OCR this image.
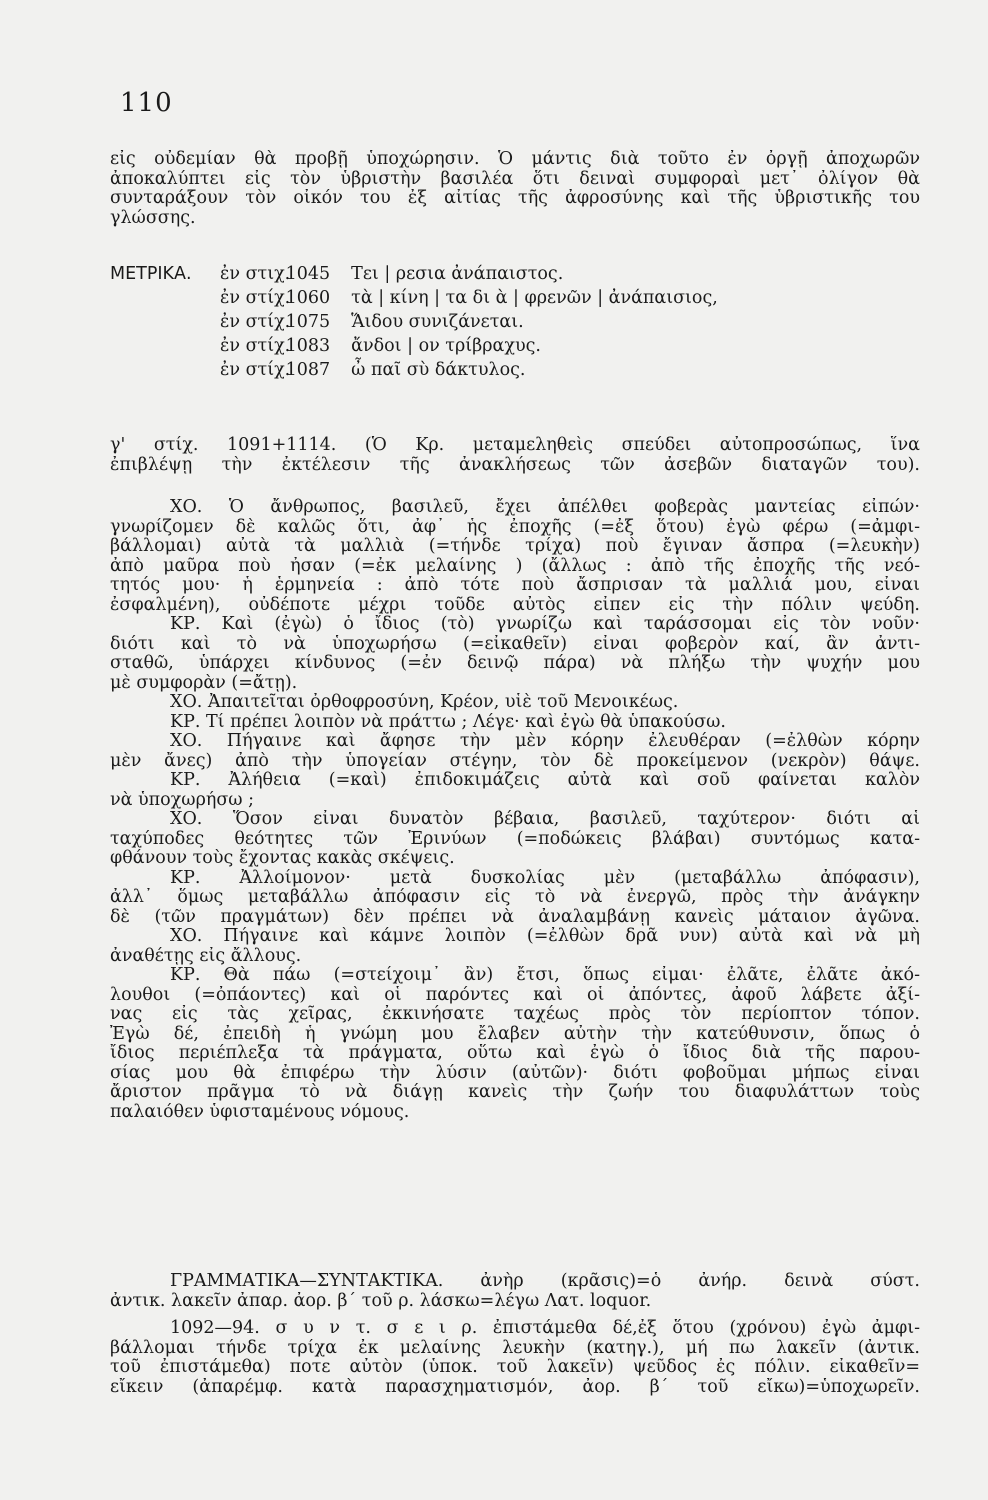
110
εἰς οὐδεμίαν θὰ προβῇ ὑποχώρησιν. Ὁ μάντις διὰ τοῦτο ἐν ὀργῇ ἀποχωρῶν
ἀποκαλύπτει εἰς τὸν ὑβριστὴν βασιλέα ὅτι δειναὶ συμφοραὶ μετ᾽ ὀλίγον θὰ
συνταράξουν τὸν οἰκόν του ἐξ αἰτίας τῆς ἀφροσύνης καὶ τῆς ὑβριστικῆς του
γλώσσης.
ΜΕΤΡΙΚΑ. ἐν στιχ. 1045 Τει | ρεσια ἀνάπαιστος.
ἐν στίχ. 1060 τὰ | κίνη | τα δι ὰ | φρενῶν | ἀνάπαισιος,
ἐν στίχ. 1075 Ἅιδου συνιζάνεται.
ἐν στίχ. 1083 ἄνδοι | ον τρίβραχυς.
ἐν στίχ. 1087 ὦ παῖ σὺ δάκτυλος.
γ' στίχ. 1091+1114. (Ὁ Κρ. μεταμεληθεὶς σπεύδει αὐτοπροσώπως, ἵνα
ἐπιβλέψῃ τὴν ἐκτέλεσιν τῆς ἀνακλήσεως τῶν ἀσεβῶν διαταγῶν του).
ΧΟ. Ὁ ἄνθρωπος, βασιλεῦ, ἔχει ἀπέλθει φοβερὰς μαντείας εἰπών·
γνωρίζομεν δὲ καλῶς ὅτι, ἀφ᾽ ἧς ἐποχῆς (=ἐξ ὅτου) ἐγὼ φέρω (=ἀμφι-
βάλλομαι) αὐτὰ τὰ μαλλιὰ (=τήνδε τρίχα) ποὺ ἔγιναν ἄσπρα (=λευκὴν)
ἀπὸ μαῦρα ποὺ ἦσαν (=ἐκ μελαίνης ) (ἄλλως : ἀπὸ τῆς ἐποχῆς τῆς νεό-
τητός μου· ἡ ἑρμηνεία : ἀπὸ τότε ποὺ ἄσπρισαν τὰ μαλλιά μου, εἶναι
ἐσφαλμένη), οὐδέποτε μέχρι τοῦδε αὐτὸς εἶπεν εἰς τὴν πόλιν ψεύδη.
ΚΡ. Καὶ (ἐγὼ) ὁ ἴδιος (τὸ) γνωρίζω καὶ ταράσσομαι εἰς τὸν νοῦν·
διότι καὶ τὸ νὰ ὑποχωρήσω (=εἰκαθεῖν) εἶναι φοβερὸν καί, ἂν ἀντι-
σταθῶ, ὑπάρχει κίνδυνος (=ἐν δεινῷ πάρα) νὰ πλήξω τὴν ψυχήν μου
μὲ συμφορὰν (=ἄτῃ).
ΧΟ. Ἀπαιτεῖται ὀρθοφροσύνη, Κρέον, υἱὲ τοῦ Μενοικέως.
ΚΡ. Τί πρέπει λοιπὸν νὰ πράττω ; Λέγε· καὶ ἐγὼ θὰ ὑπακούσω.
ΧΟ. Πήγαινε καὶ ἄφησε τὴν μὲν κόρην ἐλευθέραν (=ἐλθὼν κόρην
μὲν ἄνες) ἀπὸ τὴν ὑπογείαν στέγην, τὸν δὲ προκείμενον (νεκρὸν) θάψε.
ΚΡ. Ἀλήθεια (=καὶ) ἐπιδοκιμάζεις αὐτὰ καὶ σοῦ φαίνεται καλὸν
νὰ ὑποχωρήσω ;
ΧΟ. Ὅσον εἶναι δυνατὸν βέβαια, βασιλεῦ, ταχύτερον· διότι αἱ
ταχύποδες θεότητες τῶν Ἐρινύων (=ποδώκεις βλάβαι) συντόμως κατα-
φθάνουν τοὺς ἔχοντας κακὰς σκέψεις.
ΚΡ. Ἀλλοίμονον· μετὰ δυσκολίας μὲν (μεταβάλλω ἀπόφασιν),
ἀλλ᾽ ὅμως μεταβάλλω ἀπόφασιν εἰς τὸ νὰ ἐνεργῶ, πρὸς τὴν ἀνάγκην
δὲ (τῶν πραγμάτων) δὲν πρέπει νὰ ἀναλαμβάνῃ κανεὶς μάταιον ἀγῶνα.
ΧΟ. Πήγαινε καὶ κάμνε λοιπὸν (=ἐλθὼν δρᾶ νυν) αὐτὰ καὶ νὰ μὴ
ἀναθέτῃς εἰς ἄλλους.
ΚΡ. Θὰ πάω (=στείχοιμ᾽ ἂν) ἔτσι, ὅπως εἶμαι· ἐλᾶτε, ἐλᾶτε ἀκό-
λουθοι (=ὀπάοντες) καὶ οἱ παρόντες καὶ οἱ ἀπόντες, ἀφοῦ λάβετε ἀξί-
νας εἰς τὰς χεῖρας, ἐκκινήσατε ταχέως πρὸς τὸν περίοπτον τόπον.
Ἐγὼ δέ, ἐπειδὴ ἡ γνώμη μου ἔλαβεν αὐτὴν τὴν κατεύθυνσιν, ὅπως ὁ
ἴδιος περιέπλεξα τὰ πράγματα, οὕτω καὶ ἐγὼ ὁ ἴδιος διὰ τῆς παρου-
σίας μου θὰ ἐπιφέρω τὴν λύσιν (αὐτῶν)· διότι φοβοῦμαι μήπως εἶναι
ἄριστον πρᾶγμα τὸ νὰ διάγῃ κανεὶς τὴν ζωήν του διαφυλάττων τοὺς
παλαιόθεν ὑφισταμένους νόμους.
ΓΡΑΜΜΑΤΙΚΑ—ΣΥΝΤΑΚΤΙΚΑ. ἀνὴρ (κρᾶσις)=ὁ ἀνήρ. δεινὰ σύστ.
ἀντικ. λακεῖν ἀπαρ. ἀορ. β΄ τοῦ ρ. λάσκω=λέγω Λατ. loquor.
1092—94. σ υ ν τ. σ ε ι ρ. ἐπιστάμεθα δέ,ἐξ ὅτου (χρόνου) ἐγὼ ἀμφι-
βάλλομαι τήνδε τρίχα ἐκ μελαίνης λευκὴν (κατηγ.), μή πω λακεῖν (ἀντικ.
τοῦ ἐπιστάμεθα) ποτε αὐτὸν (ὑποκ. τοῦ λακεῖν) ψεῦδος ἐς πόλιν. εἰκαθεῖν=
εἴκειν (ἀπαρέμφ. κατὰ παρασχηματισμόν, ἀορ. β΄ τοῦ εἴκω)=ὑποχωρεῖν.
